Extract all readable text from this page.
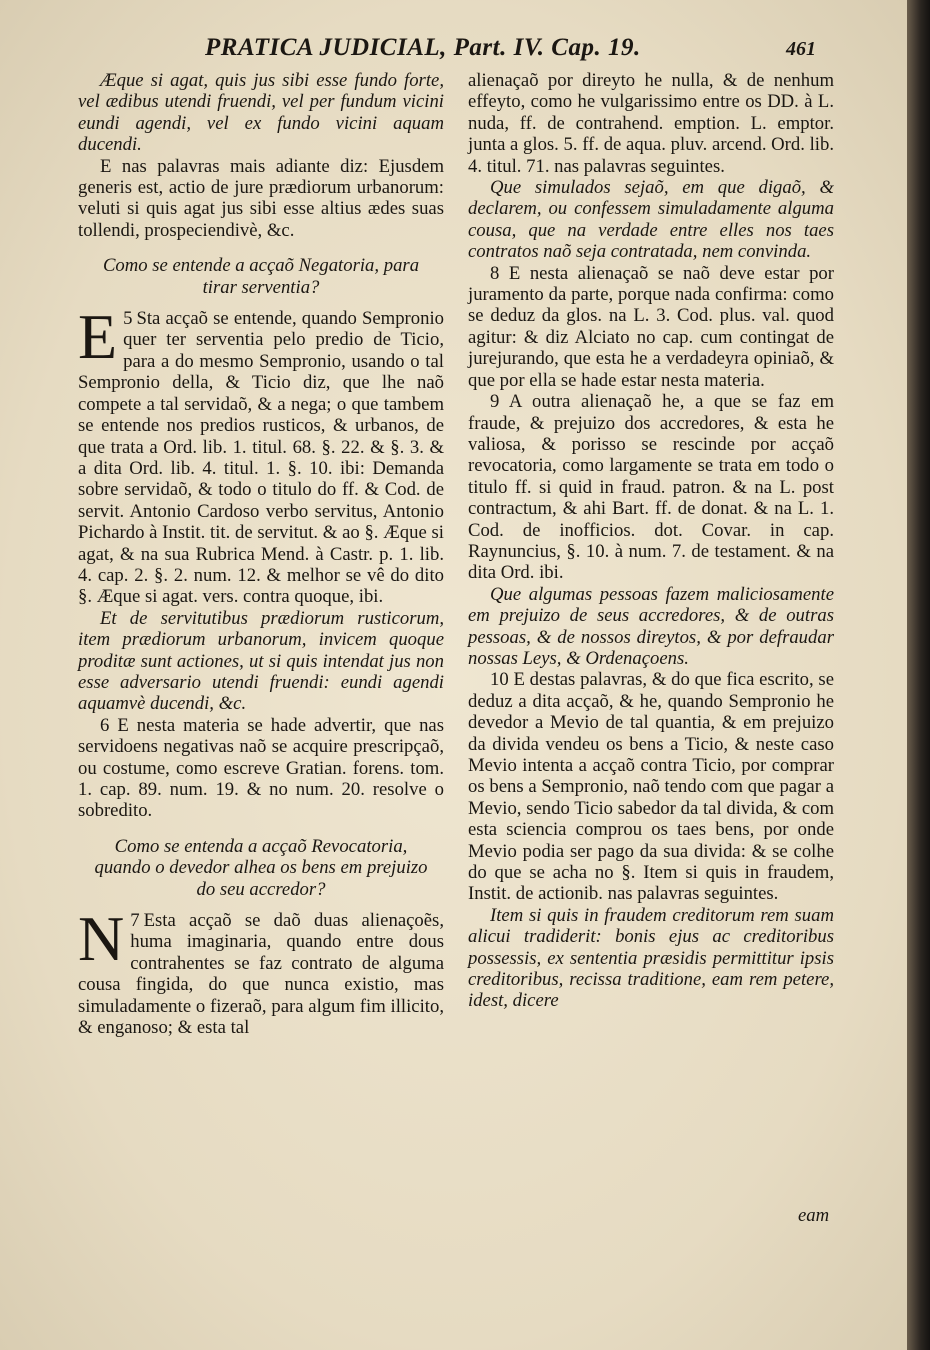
PRATICA JUDICIAL, Part. IV. Cap. 19.	461

Æque si agat, quis jus sibi esse fundo forte, vel ædibus utendi fruendi, vel per fundum vicini eundi agendi, vel ex fundo vicini aquam ducendi.

E nas palavras mais adiante diz: Ejusdem generis est, actio de jure prædiorum urbanorum: veluti si quis agat jus sibi esse altius ædes suas tollendi, prospeciendivè, &c.

Como se entende a acçaõ Negatoria, para tirar serventia?

5
E Sta acçaõ se entende, quando Sempronio quer ter serventia pelo predio de Ticio, para a do mesmo Sempronio, usando o tal Sempronio della, & Ticio diz, que lhe naõ compete a tal servidaõ, & a nega; o que tambem se entende nos predios rusticos, & urbanos, de que trata a Ord. lib. 1. titul. 68. §. 22. & §. 3. & a dita Ord. lib. 4. titul. 1. §. 10. ibi: Demanda sobre servidaõ, & todo o titulo do ff. & Cod. de servit. Antonio Cardoso verbo servitus, Antonio Pichardo à Instit. tit. de servitut. & ao §. Æque si agat, & na sua Rubrica Mend. à Castr. p. 1. lib. 4. cap. 2. §. 2. num. 12. & melhor se vê do dito §. Æque si agat. vers. contra quoque, ibi.

Et de servitutibus prædiorum rusticorum, item prædiorum urbanorum, invicem quoque proditæ sunt actiones, ut si quis intendat jus non esse adversario utendi fruendi: eundi agendi aquamvè ducendi, &c.

6 E nesta materia se hade advertir, que nas servidoens negativas naõ se acquire prescripçaõ, ou costume, como escreve Gratian. forens. tom. 1. cap. 89. num. 19. & no num. 20. resolve o sobredito.

Como se entenda a acçaõ Revocatoria, quando o devedor alhea os bens em prejuizo do seu accredor?

7
N Esta acçaõ se daõ duas alienaçoẽs, huma imaginaria, quando entre dous contrahentes se faz contrato de alguma cousa fingida, do que nunca existio, mas simuladamente o fizeraõ, para algum fim illicito, & enganoso; & esta tal

alienaçaõ por direyto he nulla, & de nenhum effeyto, como he vulgarissimo entre os DD. à L. nuda, ff. de contrahend. emption. L. emptor. junta a glos. 5. ff. de aqua. pluv. arcend. Ord. lib. 4. titul. 71. nas palavras seguintes.

Que simulados sejaõ, em que digaõ, & declarem, ou confessem simuladamente alguma cousa, que na verdade entre elles nos taes contratos naõ seja contratada, nem convinda.

8 E nesta alienaçaõ se naõ deve estar por juramento da parte, porque nada confirma: como se deduz da glos. na L. 3. Cod. plus. val. quod agitur: & diz Alciato no cap. cum contingat de jurejurando, que esta he a verdadeyra opiniaõ, & que por ella se hade estar nesta materia.

9 A outra alienaçaõ he, a que se faz em fraude, & prejuizo dos accredores, & esta he valiosa, & porisso se rescinde por acçaõ revocatoria, como largamente se trata em todo o titulo ff. si quid in fraud. patron. & na L. post contractum, & ahi Bart. ff. de donat. & na L. 1. Cod. de inofficios. dot. Covar. in cap. Raynuncius, §. 10. à num. 7. de testament. & na dita Ord. ibi.

Que algumas pessoas fazem maliciosamente em prejuizo de seus accredores, & de outras pessoas, & de nossos direytos, & por defraudar nossas Leys, & Ordenaçoens.

10 E destas palavras, & do que fica escrito, se deduz a dita acçaõ, & he, quando Sempronio he devedor a Mevio de tal quantia, & em prejuizo da divida vendeu os bens a Ticio, & neste caso Mevio intenta a acçaõ contra Ticio, por comprar os bens a Sempronio, naõ tendo com que pagar a Mevio, sendo Ticio sabedor da tal divida, & com esta sciencia comprou os taes bens, por onde Mevio podia ser pago da sua divida: & se colhe do que se acha no §. Item si quis in fraudem, Instit. de actionib. nas palavras seguintes.

Item si quis in fraudem creditorum rem suam alicui tradiderit: bonis ejus ac creditoribus possessis, ex sententia præsidis permittitur ipsis creditoribus, recissa traditione, eam rem petere, idest, dicere

eam
